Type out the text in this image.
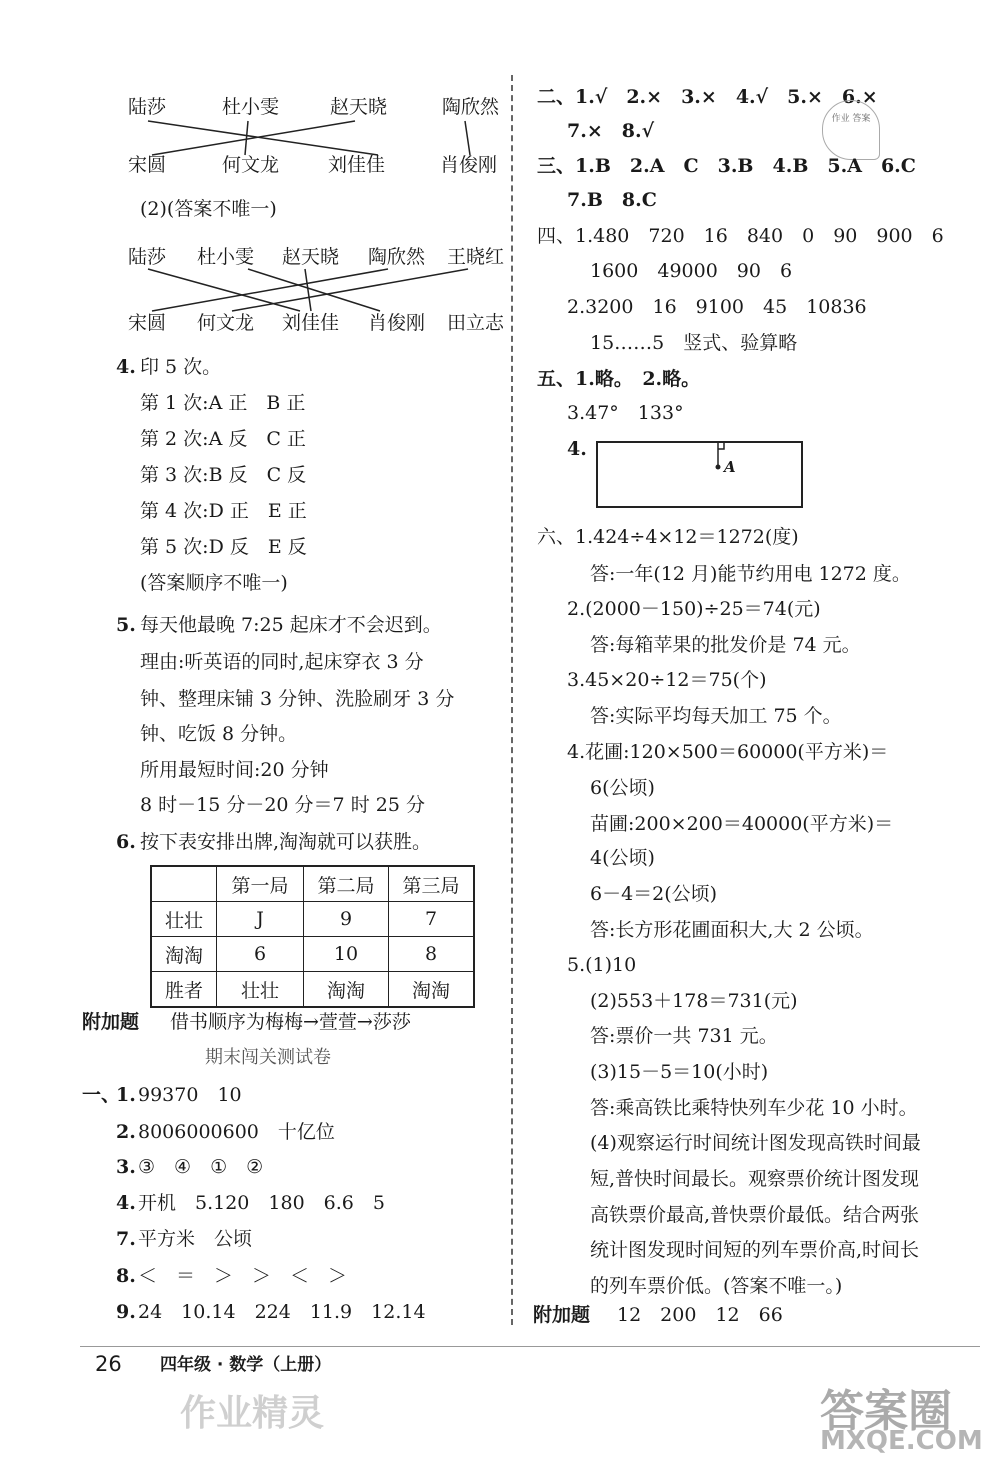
陆莎	杜小雯	赵天晓	陶欣然
宋圆	何文龙	刘佳佳	肖俊刚
(2)(答案不唯一)
陆莎 杜小雯 赵天晓 陶欣然 王晓红
宋圆 何文龙 刘佳佳 肖俊刚 田立志
4. 印 5 次。
第 1 次:A 正　B 正
第 2 次:A 反　C 正
第 3 次:B 反　C 反
第 4 次:D 正　E 正
第 5 次:D 反　E 反
(答案顺序不唯一)
5. 每天他最晚 7:25 起床才不会迟到。
理由:听英语的同时,起床穿衣 3 分
钟、整理床铺 3 分钟、洗脸刷牙 3 分
钟、吃饭 8 分钟。
所用最短时间:20 分钟
8 时－15 分－20 分＝7 时 25 分
6. 按下表安排出牌,淘淘就可以获胜。
	第一局	第二局	第三局
壮壮	J	9	7
淘淘	6	10	8
胜者	壮壮	淘淘	淘淘
附加题 借书顺序为梅梅→萱萱→莎莎
期末闯关测试卷
一、
1. 99370　10
2. 8006000600　十亿位
3. ③　④　①　②
4. 开机　5.120　180　6.6　5
7. 平方米　公顷
8. ＜　＝　＞　＞　＜　＞
9. 24　10.14　224　11.9　12.14
二、1.√　2.×　3.×　4.√　5.×　6.×
7.×　8.√
作业 答案
三、1.B　2.A　C　3.B　4.B　5.A　6.C
7.B　8.C
四、1.480　720　16　840　0　90　900　6
1600　49000　90　6
2.3200　16　9100　45　10836
15……5　竖式、验算略
五、1.略。　2.略。
3.47°　133°
4.
A
六、1.424÷4×12＝1272(度)
答:一年(12 月)能节约用电 1272 度。
2.(2000－150)÷25＝74(元)
答:每箱苹果的批发价是 74 元。
3.45×20÷12＝75(个)
答:实际平均每天加工 75 个。
4.花圃:120×500＝60000(平方米)＝
6(公顷)
苗圃:200×200＝40000(平方米)＝
4(公顷)
6－4＝2(公顷)
答:长方形花圃面积大,大 2 公顷。
5.(1)10
(2)553＋178＝731(元)
答:票价一共 731 元。
(3)15－5＝10(小时)
答:乘高铁比乘特快列车少花 10 小时。
(4)观察运行时间统计图发现高铁时间最
短,普快时间最长。观察票价统计图发现
高铁票价最高,普快票价最低。结合两张
统计图发现时间短的列车票价高,时间长
的列车票价低。(答案不唯一。)
附加题 12　200　12　66
26 四年级 · 数学（上册）
作业精灵	答案圈
MXQE.COM
